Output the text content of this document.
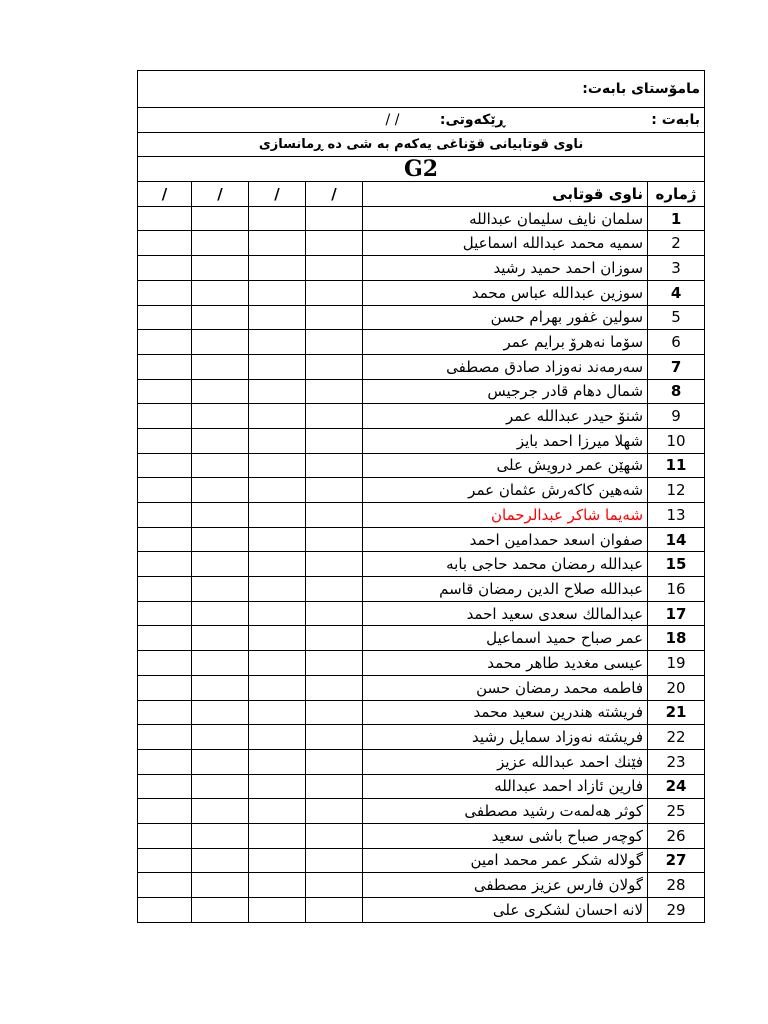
مامۆستای بابەت:					

بابەت :
ڕێکەوتی: / /					

ناوی قوتابیانی قۆناغی یەکەم بە شی دە ڕمانسازی					
G2					
ژمارە	ناوی قوتابی	/	/	/	/
1	سلمان نایف سلیمان عبدالله				
2	سمیە محمد عبدالله اسماعیل				
3	سوزان احمد حمید رشید				
4	سوزین عبدالله عباس محمد				
5	سولین غفور بهرام حسن				
6	سۆما نەهرۆ برایم عمر				
7	سەرمەند نەوزاد صادق مصطفی				
8	شمال دهام قادر جرجیس				
9	شنۆ حیدر عبدالله عمر				
10	شهلا میرزا احمد بایز				
11	شهێن عمر درویش علی				
12	شەهین کاکەرش عثمان عمر				
13	شەیما شاکر عبدالرحمان				
14	صفوان اسعد حمدامین احمد				
15	عبدالله رمضان محمد حاجی بابە				
16	عبدالله صلاح الدین رمضان قاسم				
17	عبدالمالك سعدی سعید احمد				
18	عمر صباح حمید اسماعیل				
19	عیسی مغدید طاهر محمد				
20	فاطمە محمد رمضان حسن				
21	فریشتە هندرین سعید محمد				
22	فریشتە نەوزاد سمایل رشید				
23	فێنك احمد عبدالله عزیز				
24	فارین ئازاد احمد عبدالله				
25	کوثر هەلمەت رشید مصطفی				
26	کوچەر صباح باشی سعید				
27	گولالە شکر عمر محمد امین				
28	گولان فارس عزیز مصطفی				
29	لانە احسان لشکری علی				
